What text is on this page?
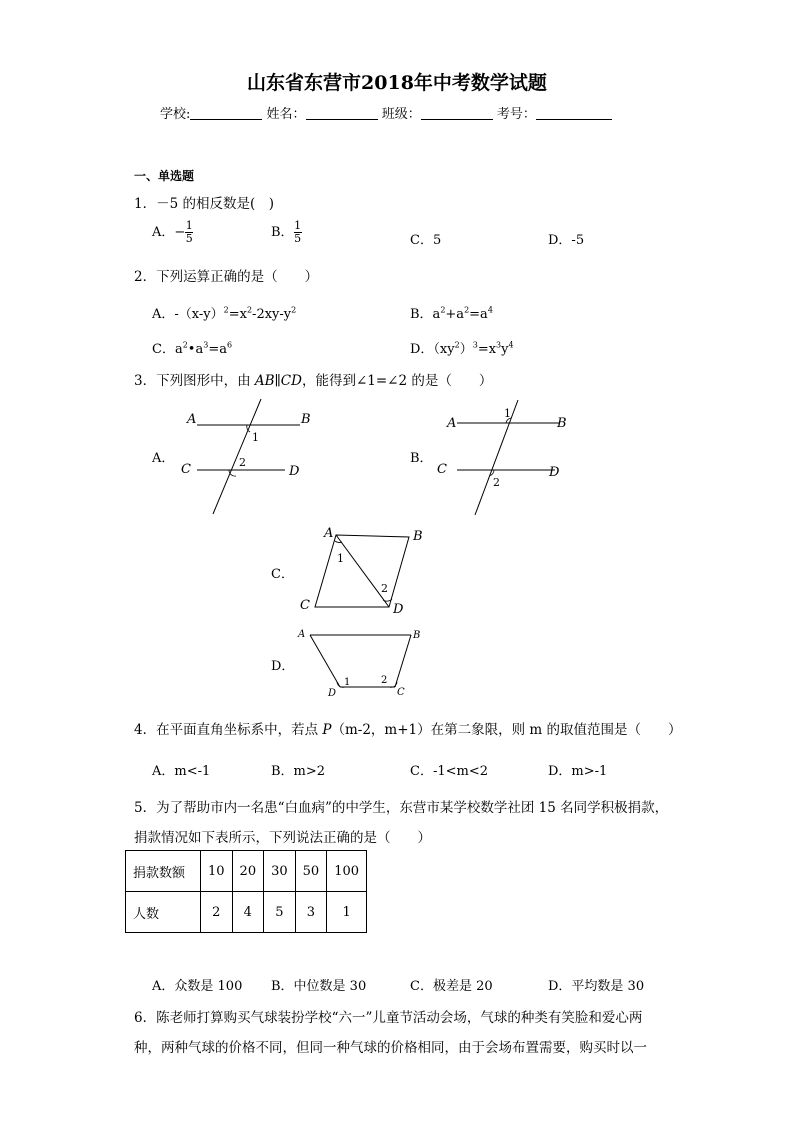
山东省东营市2018年中考数学试题
学校:	姓名：	班级：	考号：
一、单选题
1．－5 的相反数是(　)
A．− $\frac{1}{5}$	B． $\frac{1}{5}$	C．5	D．-5
2．下列运算正确的是（　　）
A．$-(x-y)^2=x^2-2xy-y^2$	B．$a^2+a^2=a^4$
C．$a^2•a^3=a^6$	D．$(xy^2)^3=x^3y^4$
3．下列图形中，由 AB∥CD，能得到∠1=∠2 的是（　　）
A．
A	B
C	D
1
2	B．
A	B
C	D
1
2
C．
A	B
C	D
1
2
D．
A	B
D	C
1	2
4．在平面直角坐标系中，若点 P（m-2，m+1）在第二象限，则 m 的取值范围是（　　）
A．m<-1	B．m>2	C．-1<m<2	D．m>-1
5．为了帮助市内一名患“白血病”的中学生，东营市某学校数学社团 15 名同学积极捐款，
捐款情况如下表所示，下列说法正确的是（　　）
捐款数额	10	20	30	50	100
人数	2	4	5	3	1
A．众数是 100 B．中位数是 30	C．极差是 20	D．平均数是 30
6．陈老师打算购买气球装扮学校“六一”儿童节活动会场，气球的种类有笑脸和爱心两
种，两种气球的价格不同，但同一种气球的价格相同，由于会场布置需要，购买时以一
